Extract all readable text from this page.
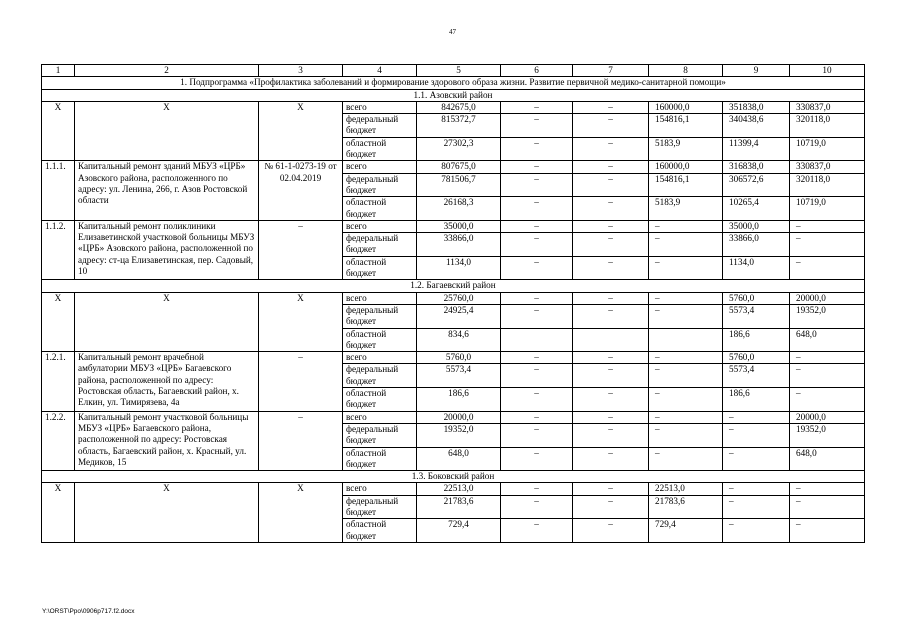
47
1	2	3	4	5	6	7	8	9	10
1. Подпрограмма «Профилактика заболеваний и формирование здорового образа жизни. Развитие первичной медико-санитарной помощи»									
1.1. Азовский район									
Х	Х	Х	всего	842675,0	–	–	160000,0	351838,0	330837,0
			федеральный бюджет	815372,7	–	–	154816,1	340438,6	320118,0
			областной бюджет	27302,3	–	–	5183,9	11399,4	10719,0
1.1.1.	Капитальный ремонт зданий МБУЗ «ЦРБ» Азовского района, расположенного по адресу: ул. Ленина, 266, г. Азов Ростовской области	№ 61-1-0273-19 от 02.04.2019	всего	807675,0	–	–	160000,0	316838,0	330837,0
			федеральный бюджет	781506,7	–	–	154816,1	306572,6	320118,0
			областной бюджет	26168,3	–	–	5183,9	10265,4	10719,0
1.1.2.	Капитальный ремонт поликлиники Елизаветинской участковой больницы МБУЗ «ЦРБ» Азовского района, расположенной по адресу: ст-ца Елизаветинская, пер. Садовый, 10	–	всего	35000,0	–	–	–	35000,0	–
			федеральный бюджет	33866,0	–	–	–	33866,0	–
			областной бюджет	1134,0	–	–	–	1134,0	–
1.2. Багаевский район									
Х	Х	Х	всего	25760,0	–	–	–	5760,0	20000,0
			федеральный бюджет	24925,4	–	–	–	5573,4	19352,0
			областной бюджет	834,6				186,6	648,0
1.2.1.	Капитальный ремонт врачебной амбулатории МБУЗ «ЦРБ» Багаевского района, расположенной по адресу: Ростовская область, Багаевский район, х. Елкин, ул. Тимирязева, 4а	–	всего	5760,0	–	–	–	5760,0	–
			федеральный бюджет	5573,4	–	–	–	5573,4	–
			областной бюджет	186,6	–	–	–	186,6	–
1.2.2.	Капитальный ремонт участковой больницы МБУЗ «ЦРБ» Багаевского района, расположенной по адресу: Ростовская область, Багаевский район, х. Красный, ул. Медиков, 15	–	всего	20000,0	–	–	–	–	20000,0
			федеральный бюджет	19352,0	–	–	–	–	19352,0
			областной бюджет	648,0	–	–	–	–	648,0
1.3. Боковский район									
Х	Х	Х	всего	22513,0	–	–	22513,0	–	–
			федеральный бюджет	21783,6	–	–	21783,6	–	–
			областной бюджет	729,4	–	–	729,4	–	–
Y:\ORST\Ppo\0906p717.f2.docx
